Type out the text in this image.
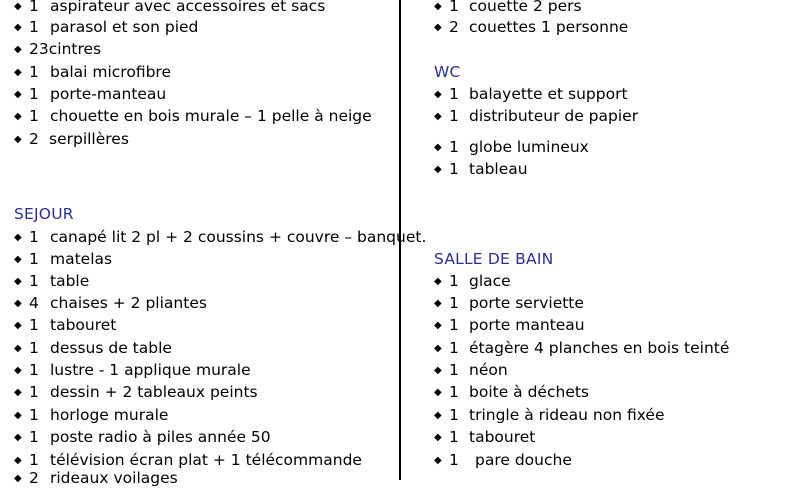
◆ 1 aspirateur avec accessoires et sacs
◆ 1 parasol et son pied
◆ 23cintres
◆ 1 balai microfibre
◆ 1 porte-manteau
◆ 1 chouette en bois murale – 1 pelle à neige
◆ 2 serpillères
SEJOUR
◆ 1 canapé lit 2 pl + 2 coussins + couvre – banquet.
◆ 1 matelas
◆ 1 table
◆ 4 chaises + 2 pliantes
◆ 1 tabouret
◆ 1 dessus de table
◆ 1 lustre - 1 applique murale
◆ 1 dessin + 2 tableaux peints
◆ 1 horloge murale
◆ 1 poste radio à piles année 50
◆ 1 télévision écran plat + 1 télécommande
◆ 2 rideaux voilages
◆ 1 couette 2 pers
◆ 2 couettes 1 personne
WC
◆ 1 balayette et support
◆ 1 distributeur de papier
◆ 1 globe lumineux
◆ 1 tableau
SALLE DE BAIN
◆ 1 glace
◆ 1 porte serviette
◆ 1 porte manteau
◆ 1 étagère 4 planches en bois teinté
◆ 1 néon
◆ 1 boite à déchets
◆ 1 tringle à rideau non fixée
◆ 1 tabouret
◆ 1 pare douche
